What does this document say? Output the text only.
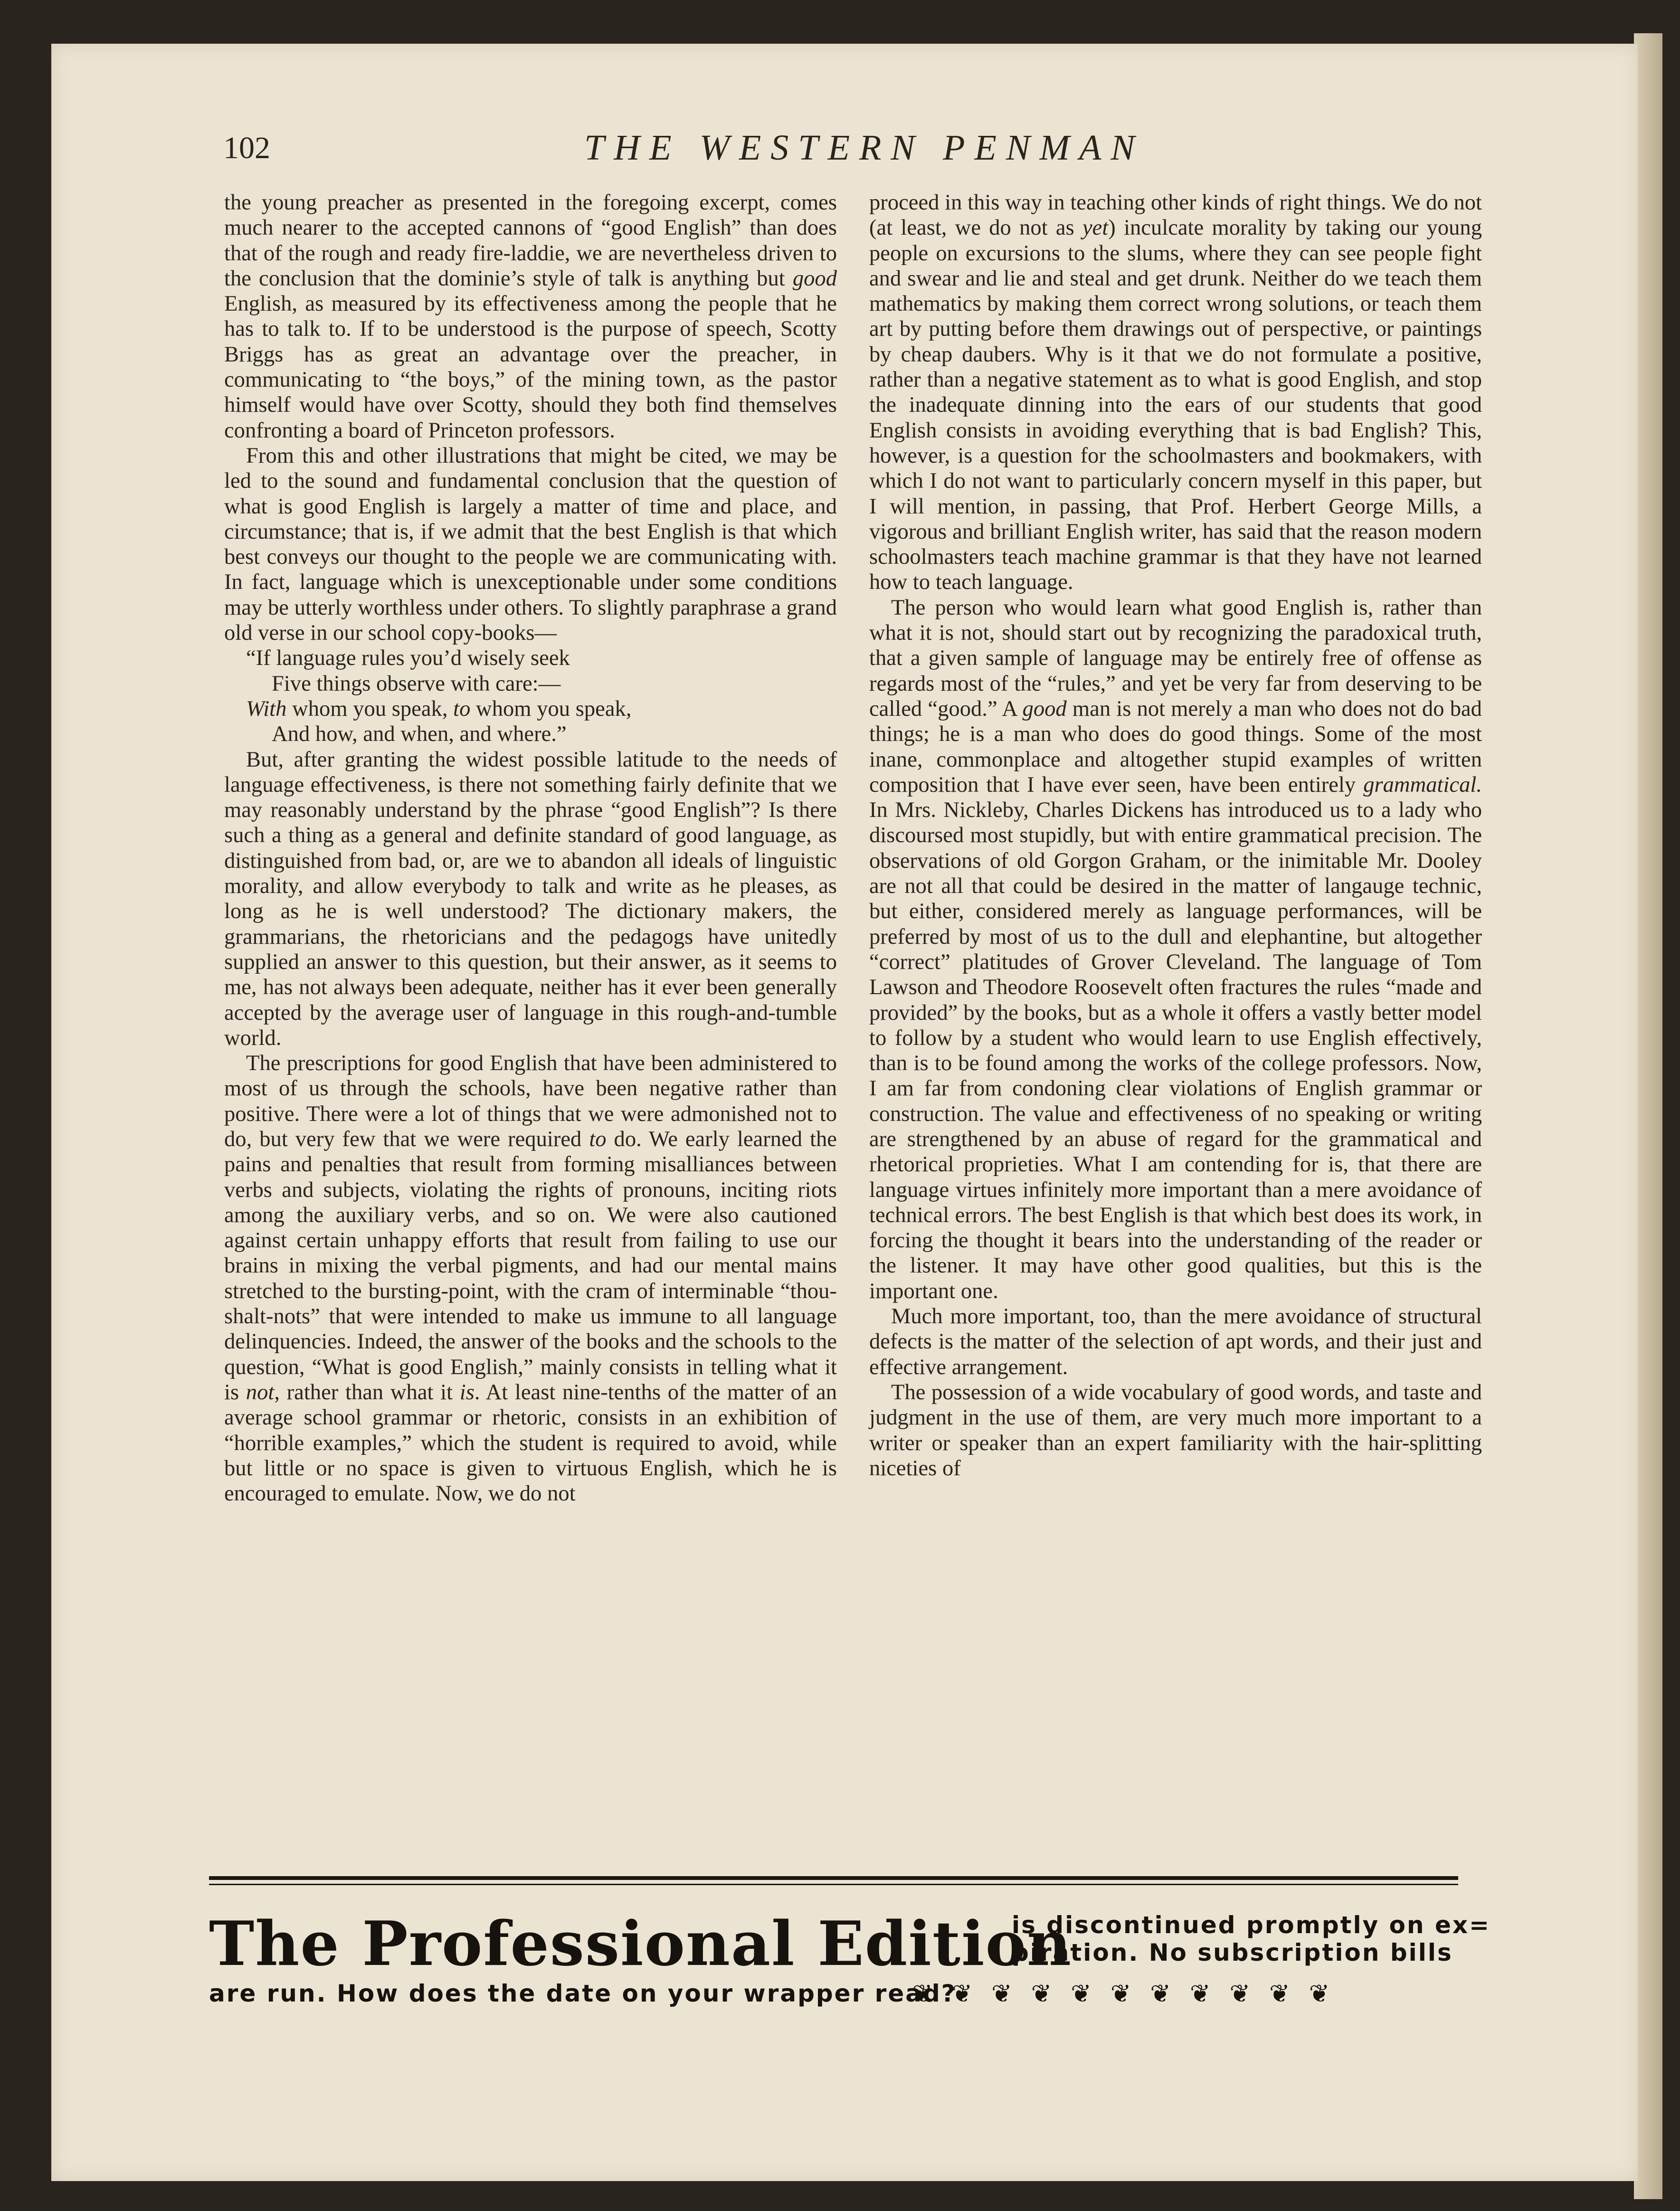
102	THE WESTERN PENMAN

the young preacher as presented in the foregoing excerpt, comes much nearer to the accepted cannons of “good English” than does that of the rough and ready fire-laddie, we are nevertheless driven to the conclusion that the dominie’s style of talk is anything but good English, as measured by its effectiveness among the people that he has to talk to. If to be understood is the purpose of speech, Scotty Briggs has as great an advantage over the preacher, in communicating to “the boys,” of the mining town, as the pastor himself would have over Scotty, should they both find themselves confronting a board of Princeton professors.

From this and other illustrations that might be cited, we may be led to the sound and fundamental conclusion that the question of what is good English is largely a matter of time and place, and circumstance; that is, if we admit that the best English is that which best conveys our thought to the people we are communicating with. In fact, language which is unexceptionable under some conditions may be utterly worthless under others. To slightly paraphrase a grand old verse in our school copy-books—

“If language rules you’d wisely seek
Five things observe with care:—
With whom you speak, to whom you speak,
And how, and when, and where.”

But, after granting the widest possible latitude to the needs of language effectiveness, is there not something fairly definite that we may reasonably understand by the phrase “good English”? Is there such a thing as a general and definite standard of good language, as distinguished from bad, or, are we to abandon all ideals of linguistic morality, and allow everybody to talk and write as he pleases, as long as he is well understood? The dictionary makers, the grammarians, the rhetoricians and the pedagogs have unitedly supplied an answer to this question, but their answer, as it seems to me, has not always been adequate, neither has it ever been generally accepted by the average user of language in this rough-and-tumble world.

The prescriptions for good English that have been administered to most of us through the schools, have been negative rather than positive. There were a lot of things that we were admonished not to do, but very few that we were required to do. We early learned the pains and penalties that result from forming misalliances between verbs and subjects, violating the rights of pronouns, inciting riots among the auxiliary verbs, and so on. We were also cautioned against certain unhappy efforts that result from failing to use our brains in mixing the verbal pigments, and had our mental mains stretched to the bursting-point, with the cram of interminable “thou-shalt-nots” that were intended to make us immune to all language delinquencies. Indeed, the answer of the books and the schools to the question, “What is good English,” mainly consists in telling what it is not, rather than what it is. At least nine-tenths of the matter of an average school grammar or rhetoric, consists in an exhibition of “horrible examples,” which the student is required to avoid, while but little or no space is given to virtuous English, which he is encouraged to emulate. Now, we do not

proceed in this way in teaching other kinds of right things. We do not (at least, we do not as yet) inculcate morality by taking our young people on excursions to the slums, where they can see people fight and swear and lie and steal and get drunk. Neither do we teach them mathematics by making them correct wrong solutions, or teach them art by putting before them drawings out of perspective, or paintings by cheap daubers. Why is it that we do not formulate a positive, rather than a negative statement as to what is good English, and stop the inadequate dinning into the ears of our students that good English consists in avoiding everything that is bad English? This, however, is a question for the schoolmasters and bookmakers, with which I do not want to particularly concern myself in this paper, but I will mention, in passing, that Prof. Herbert George Mills, a vigorous and brilliant English writer, has said that the reason modern schoolmasters teach machine grammar is that they have not learned how to teach language.

The person who would learn what good English is, rather than what it is not, should start out by recognizing the paradoxical truth, that a given sample of language may be entirely free of offense as regards most of the “rules,” and yet be very far from deserving to be called “good.” A good man is not merely a man who does not do bad things; he is a man who does do good things. Some of the most inane, commonplace and altogether stupid examples of written composition that I have ever seen, have been entirely grammatical. In Mrs. Nickleby, Charles Dickens has introduced us to a lady who discoursed most stupidly, but with entire grammatical precision. The observations of old Gorgon Graham, or the inimitable Mr. Dooley are not all that could be desired in the matter of langauge technic, but either, considered merely as language performances, will be preferred by most of us to the dull and elephantine, but altogether “correct” platitudes of Grover Cleveland. The language of Tom Lawson and Theodore Roosevelt often fractures the rules “made and provided” by the books, but as a whole it offers a vastly better model to follow by a student who would learn to use English effectively, than is to be found among the works of the college professors. Now, I am far from condoning clear violations of English grammar or construction. The value and effectiveness of no speaking or writing are strengthened by an abuse of regard for the grammatical and rhetorical proprieties. What I am contending for is, that there are language virtues infinitely more important than a mere avoidance of technical errors. The best English is that which best does its work, in forcing the thought it bears into the understanding of the reader or the listener. It may have other good qualities, but this is the important one.

Much more important, too, than the mere avoidance of structural defects is the matter of the selection of apt words, and their just and effective arrangement.

The possession of a wide vocabulary of good words, and taste and judgment in the use of them, are very much more important to a writer or speaker than an expert familiarity with the hair-splitting niceties of

The Professional Edition
is discontinued promptly on ex=
piration. No subscription bills
are run. How does the date on your wrapper read?
❦❦❦❦❦❦❦❦❦❦❦
